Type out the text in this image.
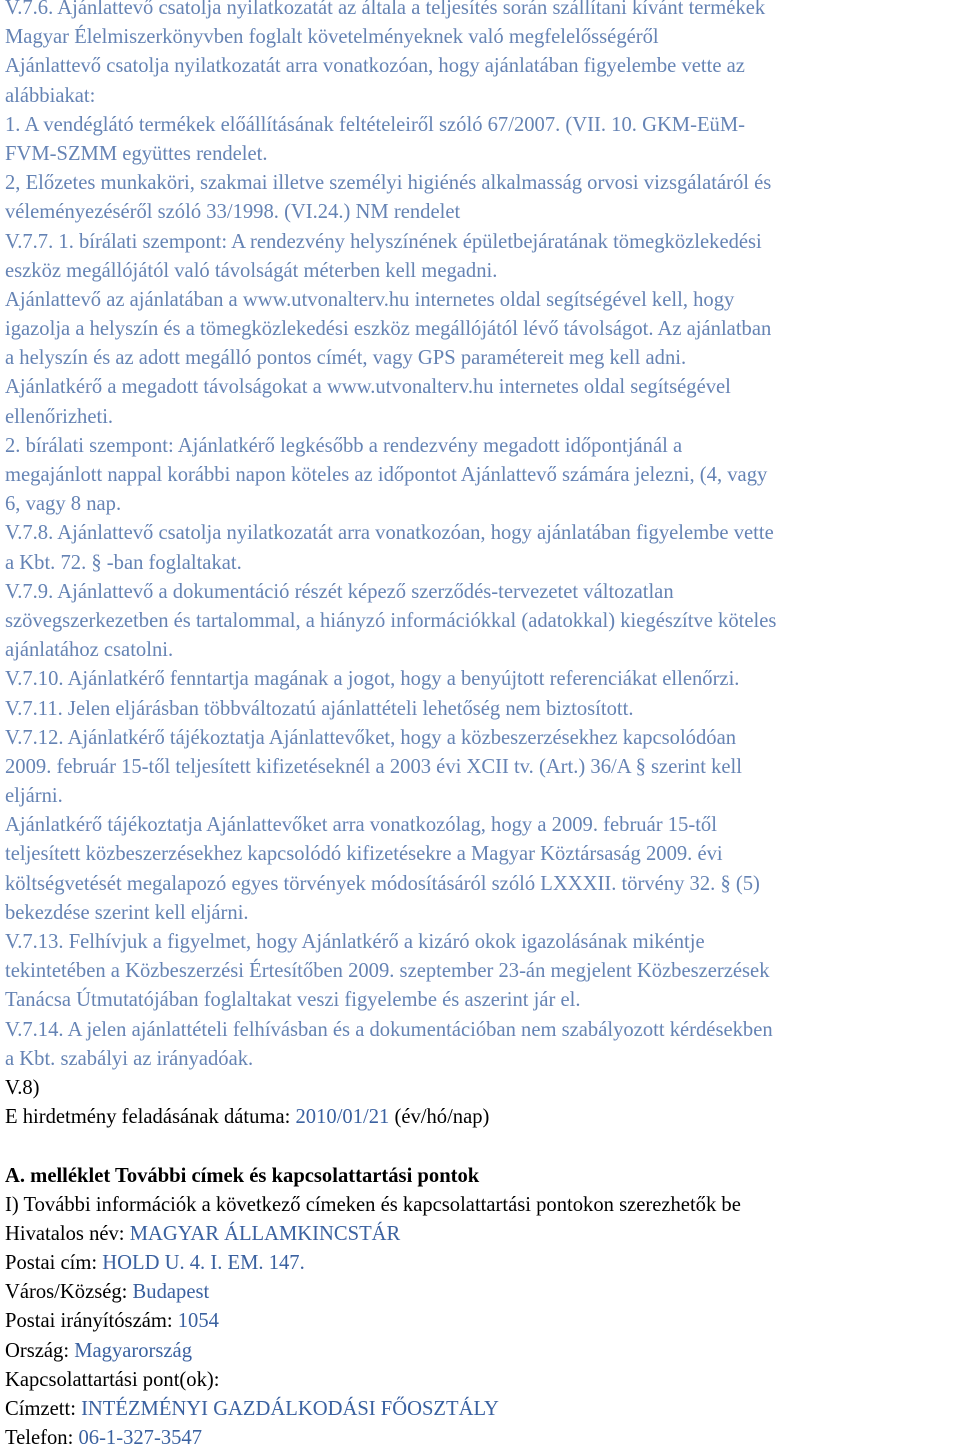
V.7.6. Ajánlattevő csatolja nyilatkozatát az általa a teljesítés során szállítani kívánt termékek
Magyar Élelmiszerkönyvben foglalt követelményeknek való megfelelősségéről
Ajánlattevő csatolja nyilatkozatát arra vonatkozóan, hogy ajánlatában figyelembe vette az
alábbiakat:
1. A vendéglátó termékek előállításának feltételeiről szóló 67/2007. (VII. 10. GKM-EüM-
FVM-SZMM együttes rendelet.
2, Előzetes munkaköri, szakmai illetve személyi higiénés alkalmasság orvosi vizsgálatáról és
véleményezéséről szóló 33/1998. (VI.24.) NM rendelet
V.7.7. 1. bírálati szempont: A rendezvény helyszínének épületbejáratának tömegközlekedési
eszköz megállójától való távolságát méterben kell megadni.
Ajánlattevő az ajánlatában a www.utvonalterv.hu internetes oldal segítségével kell, hogy
igazolja a helyszín és a tömegközlekedési eszköz megállójától lévő távolságot. Az ajánlatban
a helyszín és az adott megálló pontos címét, vagy GPS paramétereit meg kell adni.
Ajánlatkérő a megadott távolságokat a www.utvonalterv.hu internetes oldal segítségével
ellenőrizheti.
2. bírálati szempont: Ajánlatkérő legkésőbb a rendezvény megadott időpontjánál a
megajánlott nappal korábbi napon köteles az időpontot Ajánlattevő számára jelezni, (4, vagy
6, vagy 8 nap.
V.7.8. Ajánlattevő csatolja nyilatkozatát arra vonatkozóan, hogy ajánlatában figyelembe vette
a Kbt. 72. § -ban foglaltakat.
V.7.9. Ajánlattevő a dokumentáció részét képező szerződés-tervezetet változatlan
szövegszerkezetben és tartalommal, a hiányzó információkkal (adatokkal) kiegészítve köteles
ajánlatához csatolni.
V.7.10. Ajánlatkérő fenntartja magának a jogot, hogy a benyújtott referenciákat ellenőrzi.
V.7.11. Jelen eljárásban többváltozatú ajánlattételi lehetőség nem biztosított.
V.7.12. Ajánlatkérő tájékoztatja Ajánlattevőket, hogy a közbeszerzésekhez kapcsolódóan
2009. február 15-től teljesített kifizetéseknél a 2003 évi XCII tv. (Art.) 36/A § szerint kell
eljárni.
Ajánlatkérő tájékoztatja Ajánlattevőket arra vonatkozólag, hogy a 2009. február 15-től
teljesített közbeszerzésekhez kapcsolódó kifizetésekre a Magyar Köztársaság 2009. évi
költségvetését megalapozó egyes törvények módosításáról szóló LXXXII. törvény 32. § (5)
bekezdése szerint kell eljárni.
V.7.13. Felhívjuk a figyelmet, hogy Ajánlatkérő a kizáró okok igazolásának mikéntje
tekintetében a Közbeszerzési Értesítőben 2009. szeptember 23-án megjelent Közbeszerzések
Tanácsa Útmutatójában foglaltakat veszi figyelembe és aszerint jár el.
V.7.14. A jelen ajánlattételi felhívásban és a dokumentációban nem szabályozott kérdésekben
a Kbt. szabályi az irányadóak.
V.8)
E hirdetmény feladásának dátuma: 2010/01/21 (év/hó/nap)
A. melléklet További címek és kapcsolattartási pontok
I) További információk a következő címeken és kapcsolattartási pontokon szerezhetők be
Hivatalos név: MAGYAR ÁLLAMKINCSTÁR
Postai cím: HOLD U. 4. I. EM. 147.
Város/Község: Budapest
Postai irányítószám: 1054
Ország: Magyarország
Kapcsolattartási pont(ok):
Címzett: INTÉZMÉNYI GAZDÁLKODÁSI FŐOSZTÁLY
Telefon: 06-1-327-3547
